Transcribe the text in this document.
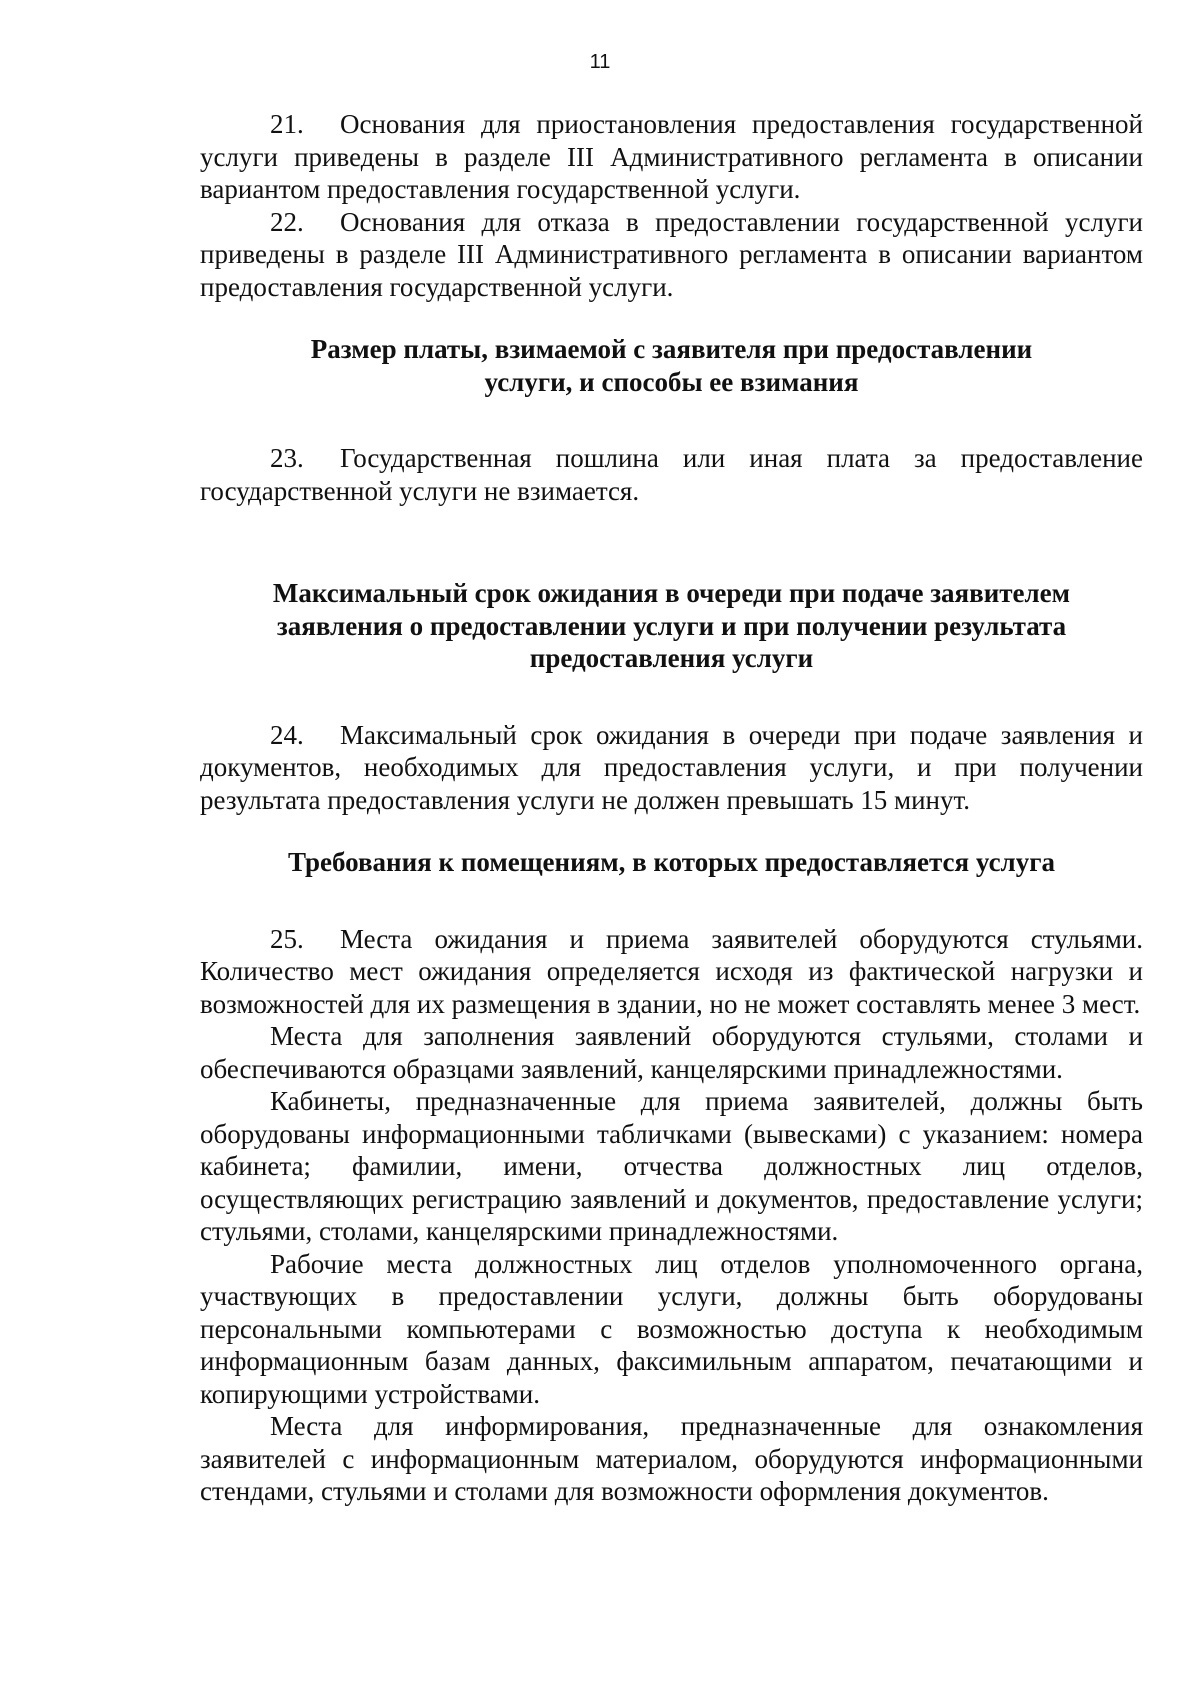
11

21. Основания для приостановления предоставления государственной услуги приведены в разделе III Административного регламента в описании вариантом предоставления государственной услуги.

22. Основания для отказа в предоставлении государственной услуги приведены в разделе III Административного регламента в описании вариантом предоставления государственной услуги.

Размер платы, взимаемой с заявителя при предоставлении
услуги, и способы ее взимания

23. Государственная пошлина или иная плата за предоставление государственной услуги не взимается.

Максимальный срок ожидания в очереди при подаче заявителем
заявления о предоставлении услуги и при получении результата
предоставления услуги

24. Максимальный срок ожидания в очереди при подаче заявления и документов, необходимых для предоставления услуги, и при получении результата предоставления услуги не должен превышать 15 минут.

Требования к помещениям, в которых предоставляется услуга

25. Места ожидания и приема заявителей оборудуются стульями. Количество мест ожидания определяется исходя из фактической нагрузки и возможностей для их размещения в здании, но не может составлять менее 3 мест.

Места для заполнения заявлений оборудуются стульями, столами и обеспечиваются образцами заявлений, канцелярскими принадлежностями.

Кабинеты, предназначенные для приема заявителей, должны быть оборудованы информационными табличками (вывесками) с указанием: номера кабинета; фамилии, имени, отчества должностных лиц отделов, осуществляющих регистрацию заявлений и документов, предоставление услуги; стульями, столами, канцелярскими принадлежностями.

Рабочие места должностных лиц отделов уполномоченного органа, участвующих в предоставлении услуги, должны быть оборудованы персональными компьютерами с возможностью доступа к необходимым информационным базам данных, факсимильным аппаратом, печатающими и копирующими устройствами.

Места для информирования, предназначенные для ознакомления заявителей с информационным материалом, оборудуются информационными стендами, стульями и столами для возможности оформления документов.
